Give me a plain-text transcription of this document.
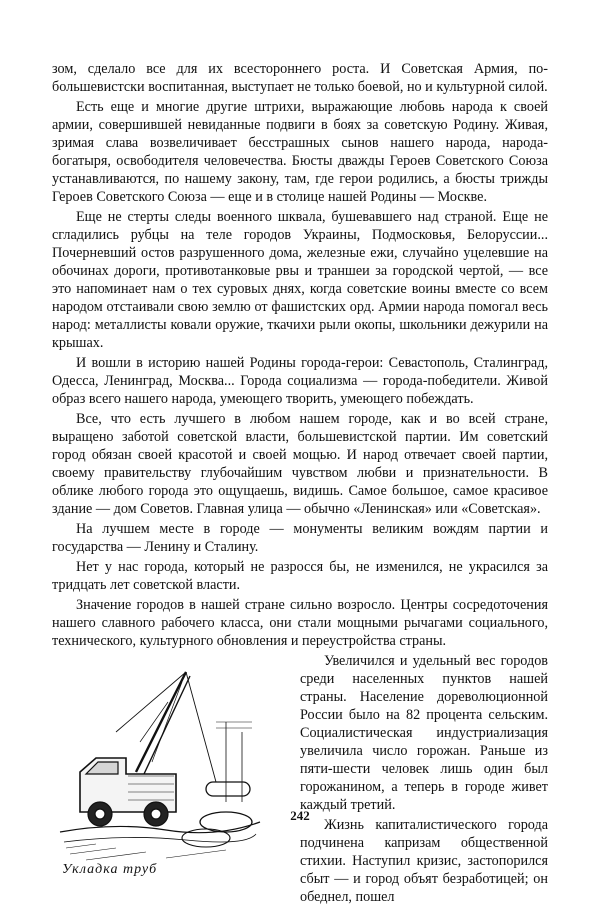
зом, сделало все для их всестороннего роста. И Советская Армия, по-большевистски воспитанная, выступает не только боевой, но и культурной силой.

Есть еще и многие другие штрихи, выражающие любовь народа к своей армии, совершившей невиданные подвиги в боях за советскую Родину. Живая, зримая слава возвеличивает бесстрашных сынов нашего народа, народа-богатыря, освободителя человечества. Бюсты дважды Героев Советского Союза устанавливаются, по нашему закону, там, где герои родились, а бюсты трижды Героев Советского Союза — еще и в столице нашей Родины — Москве.

Еще не стерты следы военного шквала, бушевавшего над страной. Еще не сгладились рубцы на теле городов Украины, Подмосковья, Белоруссии... Почерневший остов разрушенного дома, железные ежи, случайно уцелевшие на обочинах дороги, противотанковые рвы и траншеи за городской чертой, — все это напоминает нам о тех суровых днях, когда советские воины вместе со всем народом отстаивали свою землю от фашистских орд. Армии народа помогал весь народ: металлисты ковали оружие, ткачихи рыли окопы, школьники дежурили на крышах.

И вошли в историю нашей Родины города-герои: Севастополь, Сталинград, Одесса, Ленинград, Москва... Города социализма — города-победители. Живой образ всего нашего народа, умеющего творить, умеющего побеждать.

Все, что есть лучшего в любом нашем городе, как и во всей стране, выращено заботой советской власти, большевистской партии. Им советский город обязан своей красотой и своей мощью. И народ отвечает своей партии, своему правительству глубочайшим чувством любви и признательности. В облике любого города это ощущаешь, видишь. Самое большое, самое красивое здание — дом Советов. Главная улица — обычно «Ленинская» или «Советская».

На лучшем месте в городе — монументы великим вождям партии и государства — Ленину и Сталину.

Нет у нас города, который не разросся бы, не изменился, не украсился за тридцать лет советской власти.

Значение городов в нашей стране сильно возросло. Центры сосредоточения нашего славного рабочего класса, они стали мощными рычагами социального, технического, культурного обновления и переустройства страны.

Укладка труб

Увеличился и удельный вес городов среди населенных пунктов нашей страны. Население дореволюционной России было на 82 процента сельским. Социалистическая индустриализация увеличила число горожан. Раньше из пяти-шести человек лишь один был горожанином, а теперь в городе живет каждый третий.

Жизнь капиталистического города подчинена капризам общественной стихии. Наступил кризис, застопорился сбыт — и город объят безработицей; он обеднел, пошел

242
